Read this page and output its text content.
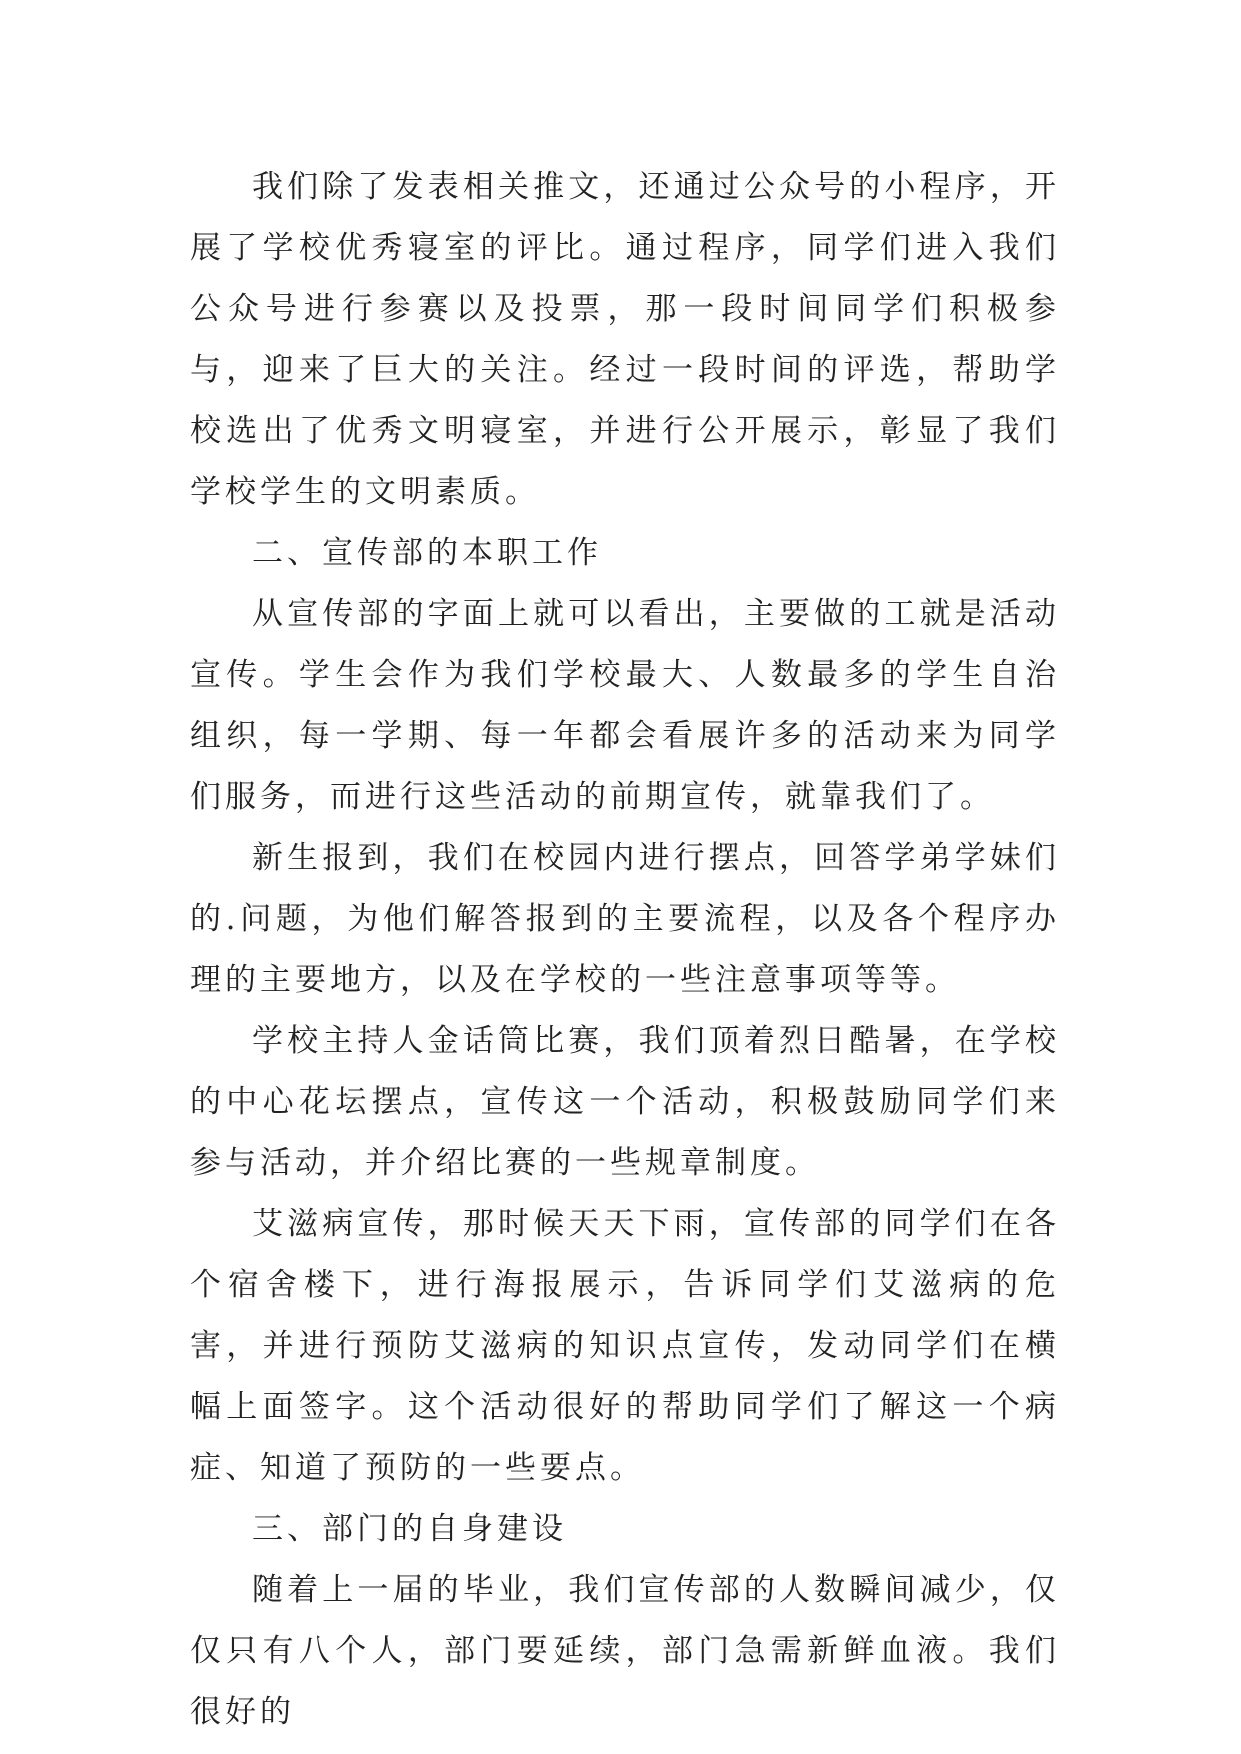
我们除了发表相关推文，还通过公众号的小程序，开展了学校优秀寝室的评比。通过程序，同学们进入我们公众号进行参赛以及投票，那一段时间同学们积极参与，迎来了巨大的关注。经过一段时间的评选，帮助学校选出了优秀文明寝室，并进行公开展示，彰显了我们学校学生的文明素质。

二、宣传部的本职工作

从宣传部的字面上就可以看出，主要做的工就是活动宣传。学生会作为我们学校最大、人数最多的学生自治组织，每一学期、每一年都会看展许多的活动来为同学们服务，而进行这些活动的前期宣传，就靠我们了。

新生报到，我们在校园内进行摆点，回答学弟学妹们的.问题，为他们解答报到的主要流程，以及各个程序办理的主要地方，以及在学校的一些注意事项等等。

学校主持人金话筒比赛，我们顶着烈日酷暑，在学校的中心花坛摆点，宣传这一个活动，积极鼓励同学们来参与活动，并介绍比赛的一些规章制度。

艾滋病宣传，那时候天天下雨，宣传部的同学们在各个宿舍楼下，进行海报展示，告诉同学们艾滋病的危害，并进行预防艾滋病的知识点宣传，发动同学们在横幅上面签字。这个活动很好的帮助同学们了解这一个病症、知道了预防的一些要点。

三、部门的自身建设

随着上一届的毕业，我们宣传部的人数瞬间减少，仅仅只有八个人，部门要延续，部门急需新鲜血液。我们很好的
